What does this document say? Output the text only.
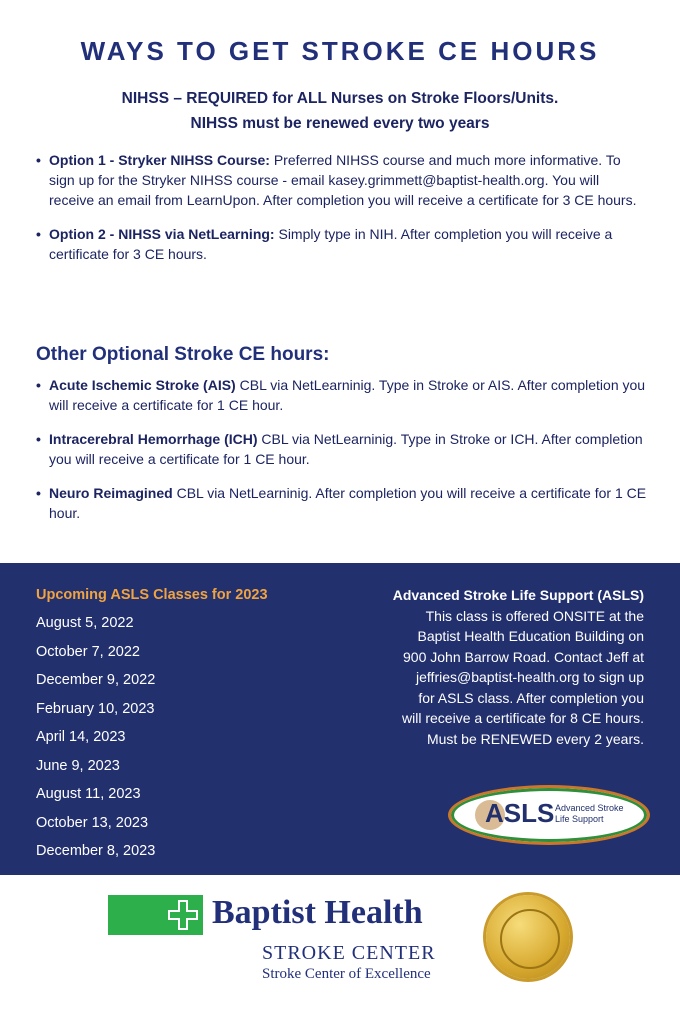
WAYS TO GET STROKE CE HOURS
NIHSS – REQUIRED for ALL Nurses on Stroke Floors/Units.
NIHSS must be renewed every two years
• Option 1 - Stryker NIHSS Course: Preferred NIHSS course and much more informative. To sign up for the Stryker NIHSS course - email kasey.grimmett@baptist-health.org. You will receive an email from LearnUpon. After completion you will receive a certificate for 3 CE hours.
• Option 2 - NIHSS via NetLearning: Simply type in NIH. After completion you will receive a certificate for 3 CE hours.
Other Optional Stroke CE hours:
• Acute Ischemic Stroke (AIS) CBL via NetLearninig. Type in Stroke or AIS. After completion you will receive a certificate for 1 CE hour.
• Intracerebral Hemorrhage (ICH) CBL via NetLearninig. Type in Stroke or ICH. After completion you will receive a certificate for 1 CE hour.
• Neuro Reimagined CBL via NetLearninig. After completion you will receive a certificate for 1 CE hour.
Upcoming ASLS Classes for 2023
August 5, 2022
October 7, 2022
December 9, 2022
February 10, 2023
April 14, 2023
June 9, 2023
August 11, 2023
October 13, 2023
December 8, 2023
Advanced Stroke Life Support (ASLS)
This class is offered ONSITE at the
Baptist Health Education Building on
900 John Barrow Road. Contact Jeff at
jeffries@baptist-health.org to sign up
for ASLS class. After completion you
will receive a certificate for 8 CE hours.
Must be RENEWED every 2 years.
ASLS Advanced Stroke
Life Support
Baptist Health
STROKE CENTER
Stroke Center of Excellence
